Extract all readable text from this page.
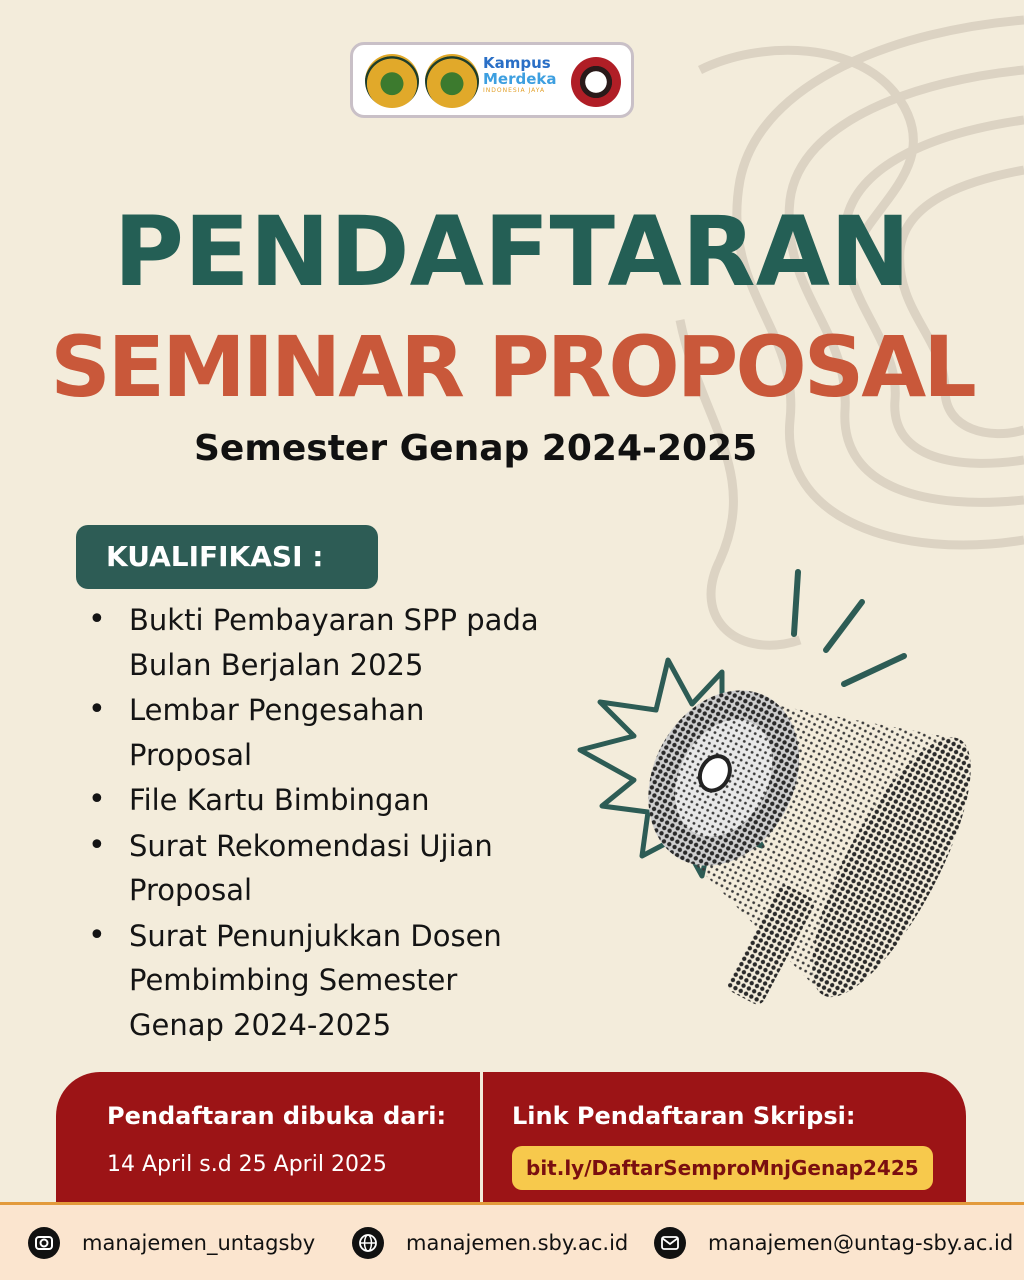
Kampus
Merdeka
INDONESIA JAYA
PENDAFTARAN
SEMINAR PROPOSAL
Semester Genap 2024-2025
KUALIFIKASI :
• Bukti Pembayaran SPP pada Bulan Berjalan 2025
• Lembar Pengesahan Proposal
• File Kartu Bimbingan
• Surat Rekomendasi Ujian Proposal
• Surat Penunjukkan Dosen Pembimbing Semester Genap 2024-2025
Pendaftaran dibuka dari:
14 April s.d 25 April 2025
Link Pendaftaran Skripsi:
bit.ly/DaftarSemproMnjGenap2425
manajemen_untagsby	manajemen.sby.ac.id	manajemen@untag-sby.ac.id
